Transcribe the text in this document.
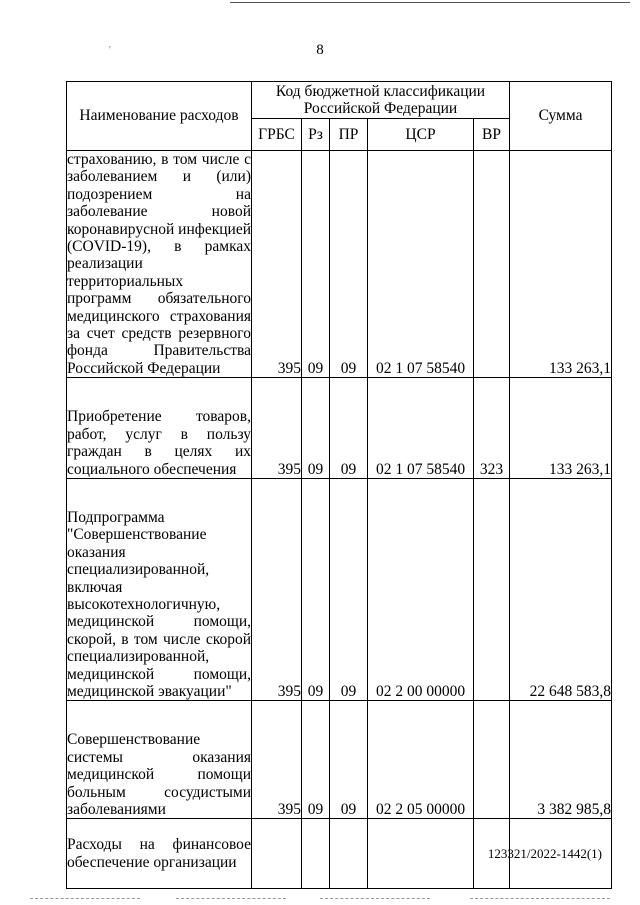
'	8
Наименование расходов	Код бюджетной классификации Российской Федерации					Сумма
	ГРБС	Рз	ПР	ЦСР	ВР	
страхованию, в том числе с заболеванием и (или) подозрением на заболевание новой коронавирусной инфекцией (COVID-19), в рамках реализации территориальных программ обязательного медицинского страхования за счет средств резервного фонда Правительства Российской Федерации	395	09	09	02 1 07 58540		133 263,1
Приобретение товаров, работ, услуг в пользу граждан в целях их социального обеспечения	395	09	09	02 1 07 58540	323	133 263,1
Подпрограмма "Совершенствование оказания специализированной, включая высокотехнологичную, медицинской помощи, скорой, в том числе скорой специализированной, медицинской помощи, медицинской эвакуации"	395	09	09	02 2 00 00000		22 648 583,8
Совершенствование системы оказания медицинской помощи больным сосудистыми заболеваниями	395	09	09	02 2 05 00000		3 382 985,8
Расходы на финансовое обеспечение организации						
123321/2022-1442(1)
